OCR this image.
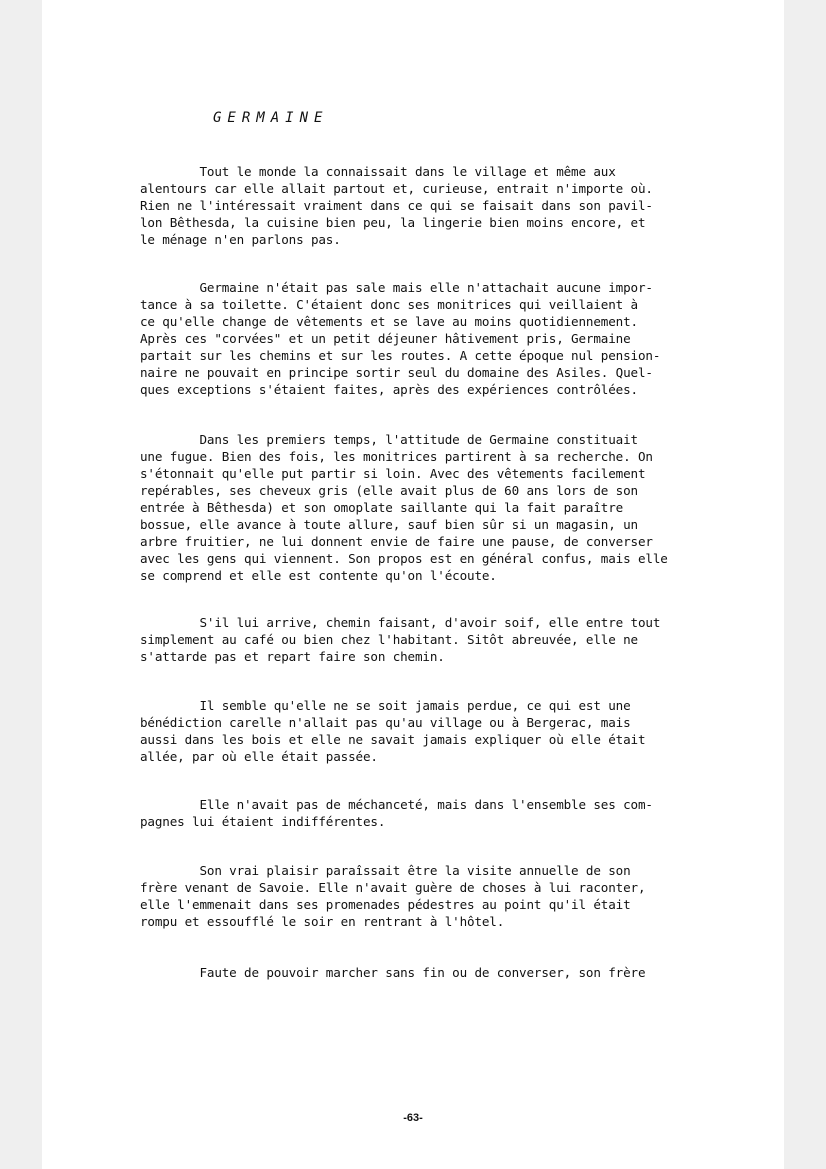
GERMAINE

Tout le monde la connaissait dans le village et même aux
alentours car elle allait partout et, curieuse, entrait n'importe où.
Rien ne l'intéressait vraiment dans ce qui se faisait dans son pavil-
lon Bêthesda, la cuisine bien peu, la lingerie bien moins encore, et
le ménage n'en parlons pas.

Germaine n'était pas sale mais elle n'attachait aucune impor-
tance à sa toilette. C'étaient donc ses monitrices qui veillaient à
ce qu'elle change de vêtements et se lave au moins quotidiennement.
Après ces "corvées" et un petit déjeuner hâtivement pris, Germaine
partait sur les chemins et sur les routes. A cette époque nul pension-
naire ne pouvait en principe sortir seul du domaine des Asiles. Quel-
ques exceptions s'étaient faites, après des expériences contrôlées.

Dans les premiers temps, l'attitude de Germaine constituait
une fugue. Bien des fois, les monitrices partirent à sa recherche. On
s'étonnait qu'elle put partir si loin. Avec des vêtements facilement
repérables, ses cheveux gris (elle avait plus de 60 ans lors de son
entrée à Bêthesda) et son omoplate saillante qui la fait paraître
bossue, elle avance à toute allure, sauf bien sûr si un magasin, un
arbre fruitier, ne lui donnent envie de faire une pause, de converser
avec les gens qui viennent. Son propos est en général confus, mais elle
se comprend et elle est contente qu'on l'écoute.

S'il lui arrive, chemin faisant, d'avoir soif, elle entre tout
simplement au café ou bien chez l'habitant. Sitôt abreuvée, elle ne
s'attarde pas et repart faire son chemin.

Il semble qu'elle ne se soit jamais perdue, ce qui est une
bénédiction carelle n'allait pas qu'au village ou à Bergerac, mais
aussi dans les bois et elle ne savait jamais expliquer où elle était
allée, par où elle était passée.

Elle n'avait pas de méchanceté, mais dans l'ensemble ses com-
pagnes lui étaient indifférentes.

Son vrai plaisir paraîssait être la visite annuelle de son
frère venant de Savoie. Elle n'avait guère de choses à lui raconter,
elle l'emmenait dans ses promenades pédestres au point qu'il était
rompu et essoufflé le soir en rentrant à l'hôtel.

Faute de pouvoir marcher sans fin ou de converser, son frère

-63-
